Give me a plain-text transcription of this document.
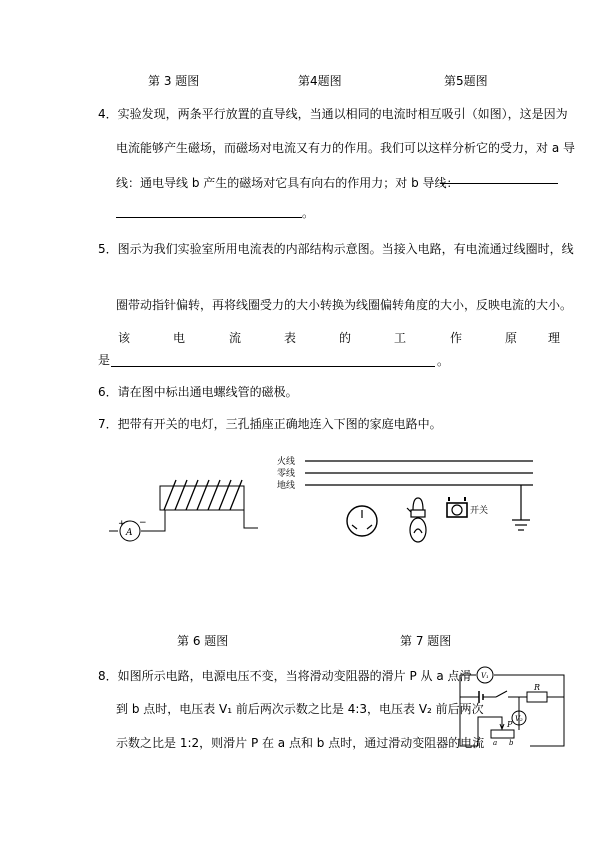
第 3 题图	第4题图	第5题图
4．实验发现，两条平行放置的直导线，当通以相同的电流时相互吸引（如图），这是因为
电流能够产生磁场，而磁场对电流又有力的作用。我们可以这样分析它的受力，对 a 导
线：通电导线 b 产生的磁场对它具有向右的作用力；对 b 导线：
。
5．图示为我们实验室所用电流表的内部结构示意图。当接入电路，有电流通过线圈时，线
圈带动指针偏转，再将线圈受力的大小转换为线圈偏转角度的大小，反映电流的大小。
该	电	流	表	的	工	作	原	理
是	。
6．请在图中标出通电螺线管的磁极。
7．把带有开关的电灯，三孔插座正确地连入下图的家庭电路中。
+ −
A
火线
零线
地线
开关
第 6 题图	第 7 题图
8．如图所示电路，电源电压不变，当将滑动变阻器的滑片 P 从 a 点滑
到 b 点时，电压表 V₁ 前后两次示数之比是 4:3，电压表 V₂ 前后两次
示数之比是 1:2，则滑片 P 在 a 点和 b 点时，通过滑动变阻器的电流
V₁
V₂
R
P
a b
